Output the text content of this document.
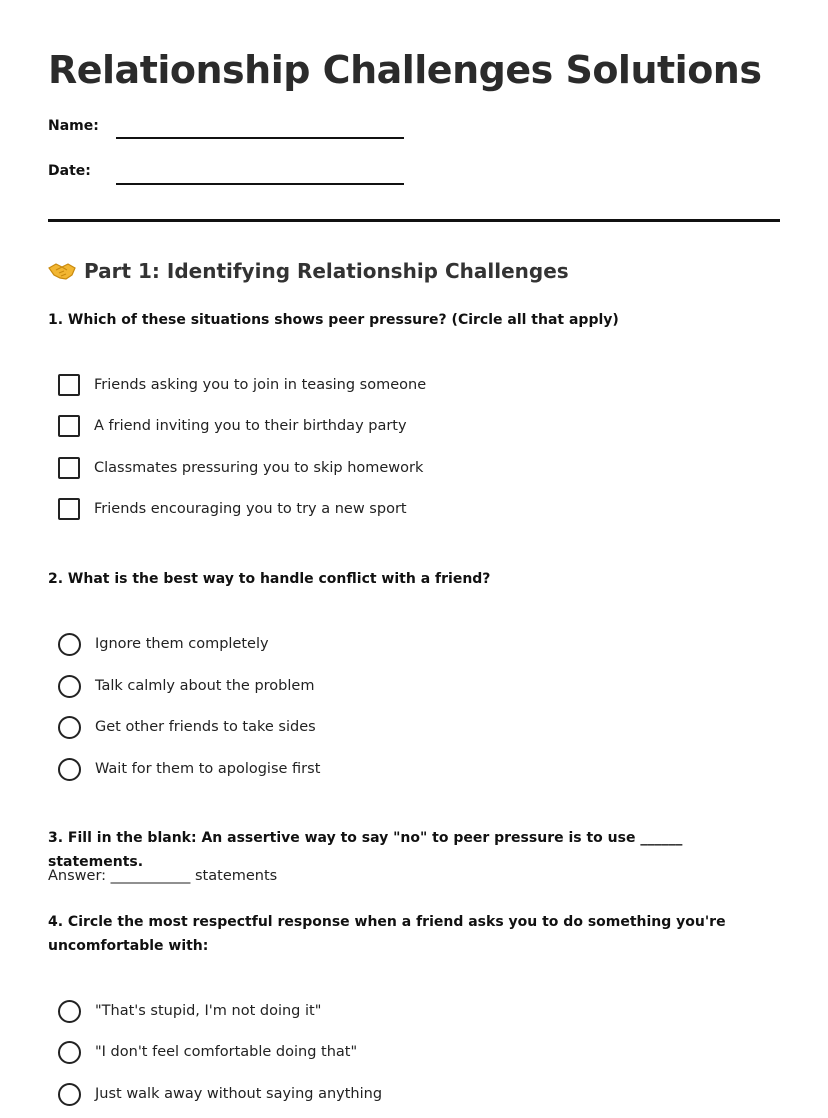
Relationship Challenges Solutions
Name:
Date:
Part 1: Identifying Relationship Challenges
1. Which of these situations shows peer pressure? (Circle all that apply)
Friends asking you to join in teasing someone
A friend inviting you to their birthday party
Classmates pressuring you to skip homework
Friends encouraging you to try a new sport
2. What is the best way to handle conflict with a friend?
Ignore them completely
Talk calmly about the problem
Get other friends to take sides
Wait for them to apologise first
3. Fill in the blank: An assertive way to say "no" to peer pressure is to use ______ statements.
Answer: ___________ statements
4. Circle the most respectful response when a friend asks you to do something you're uncomfortable with:
"That's stupid, I'm not doing it"
"I don't feel comfortable doing that"
Just walk away without saying anything
